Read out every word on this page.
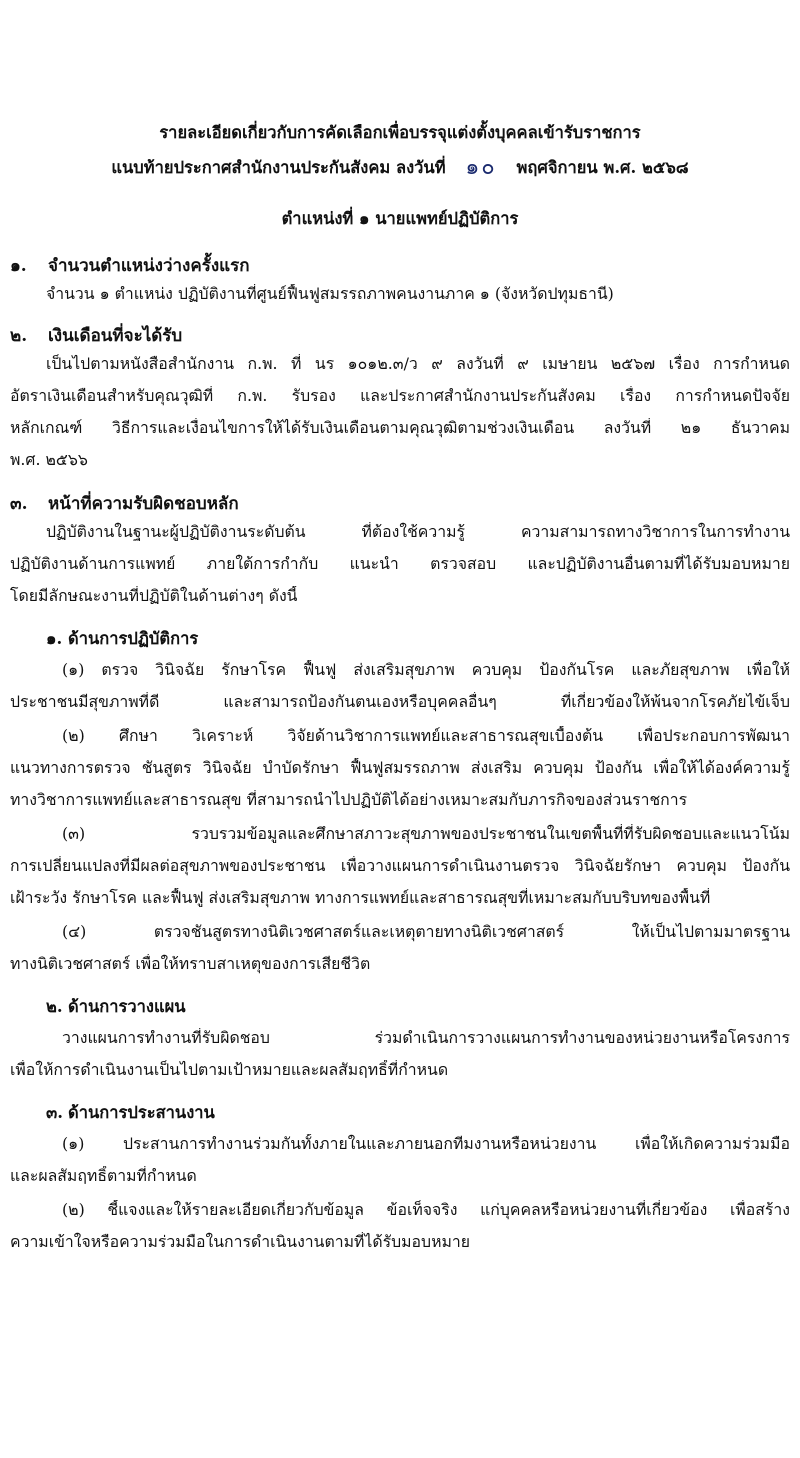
รายละเอียดเกี่ยวกับการคัดเลือกเพื่อบรรจุแต่งตั้งบุคคลเข้ารับราชการ
แนบท้ายประกาศสำนักงานประกันสังคม ลงวันที่ ๑๐ พฤศจิกายน พ.ศ. ๒๕๖๘
ตำแหน่งที่ ๑ นายแพทย์ปฏิบัติการ
๑. จำนวนตำแหน่งว่างครั้งแรก
จำนวน ๑ ตำแหน่ง ปฏิบัติงานที่ศูนย์ฟื้นฟูสมรรถภาพคนงานภาค ๑ (จังหวัดปทุมธานี)
๒. เงินเดือนที่จะได้รับ
เป็นไปตามหนังสือสำนักงาน ก.พ. ที่ นร ๑๐๑๒.๓/ว ๙ ลงวันที่ ๙ เมษายน ๒๕๖๗ เรื่อง การกำหนด
อัตราเงินเดือนสำหรับคุณวุฒิที่ ก.พ. รับรอง และประกาศสำนักงานประกันสังคม เรื่อง การกำหนดปัจจัย
หลักเกณฑ์ วิธีการและเงื่อนไขการให้ได้รับเงินเดือนตามคุณวุฒิตามช่วงเงินเดือน ลงวันที่ ๒๑ ธันวาคม
พ.ศ. ๒๕๖๖
๓. หน้าที่ความรับผิดชอบหลัก
ปฏิบัติงานในฐานะผู้ปฏิบัติงานระดับต้น ที่ต้องใช้ความรู้ ความสามารถทางวิชาการในการทำงาน
ปฏิบัติงานด้านการแพทย์ ภายใต้การกำกับ แนะนำ ตรวจสอบ และปฏิบัติงานอื่นตามที่ได้รับมอบหมาย
โดยมีลักษณะงานที่ปฏิบัติในด้านต่างๆ ดังนี้
๑. ด้านการปฏิบัติการ
(๑) ตรวจ วินิจฉัย รักษาโรค ฟื้นฟู ส่งเสริมสุขภาพ ควบคุม ป้องกันโรค และภัยสุขภาพ เพื่อให้
ประชาชนมีสุขภาพที่ดี และสามารถป้องกันตนเองหรือบุคคลอื่นๆ ที่เกี่ยวข้องให้พ้นจากโรคภัยไข้เจ็บ
(๒) ศึกษา วิเคราะห์ วิจัยด้านวิชาการแพทย์และสาธารณสุขเบื้องต้น เพื่อประกอบการพัฒนา
แนวทางการตรวจ ชันสูตร วินิจฉัย บำบัดรักษา ฟื้นฟูสมรรถภาพ ส่งเสริม ควบคุม ป้องกัน เพื่อให้ได้องค์ความรู้
ทางวิชาการแพทย์และสาธารณสุข ที่สามารถนำไปปฏิบัติได้อย่างเหมาะสมกับภารกิจของส่วนราชการ
(๓) รวบรวมข้อมูลและศึกษาสภาวะสุขภาพของประชาชนในเขตพื้นที่ที่รับผิดชอบและแนวโน้ม
การเปลี่ยนแปลงที่มีผลต่อสุขภาพของประชาชน เพื่อวางแผนการดำเนินงานตรวจ วินิจฉัยรักษา ควบคุม ป้องกัน
เฝ้าระวัง รักษาโรค และฟื้นฟู ส่งเสริมสุขภาพ ทางการแพทย์และสาธารณสุขที่เหมาะสมกับบริบทของพื้นที่
(๔) ตรวจชันสูตรทางนิติเวชศาสตร์และเหตุตายทางนิติเวชศาสตร์ ให้เป็นไปตามมาตรฐาน
ทางนิติเวชศาสตร์ เพื่อให้ทราบสาเหตุของการเสียชีวิต
๒. ด้านการวางแผน
วางแผนการทำงานที่รับผิดชอบ ร่วมดำเนินการวางแผนการทำงานของหน่วยงานหรือโครงการ
เพื่อให้การดำเนินงานเป็นไปตามเป้าหมายและผลสัมฤทธิ์ที่กำหนด
๓. ด้านการประสานงาน
(๑) ประสานการทำงานร่วมกันทั้งภายในและภายนอกทีมงานหรือหน่วยงาน เพื่อให้เกิดความร่วมมือ
และผลสัมฤทธิ์ตามที่กำหนด
(๒) ชี้แจงและให้รายละเอียดเกี่ยวกับข้อมูล ข้อเท็จจริง แก่บุคคลหรือหน่วยงานที่เกี่ยวข้อง เพื่อสร้าง
ความเข้าใจหรือความร่วมมือในการดำเนินงานตามที่ได้รับมอบหมาย
